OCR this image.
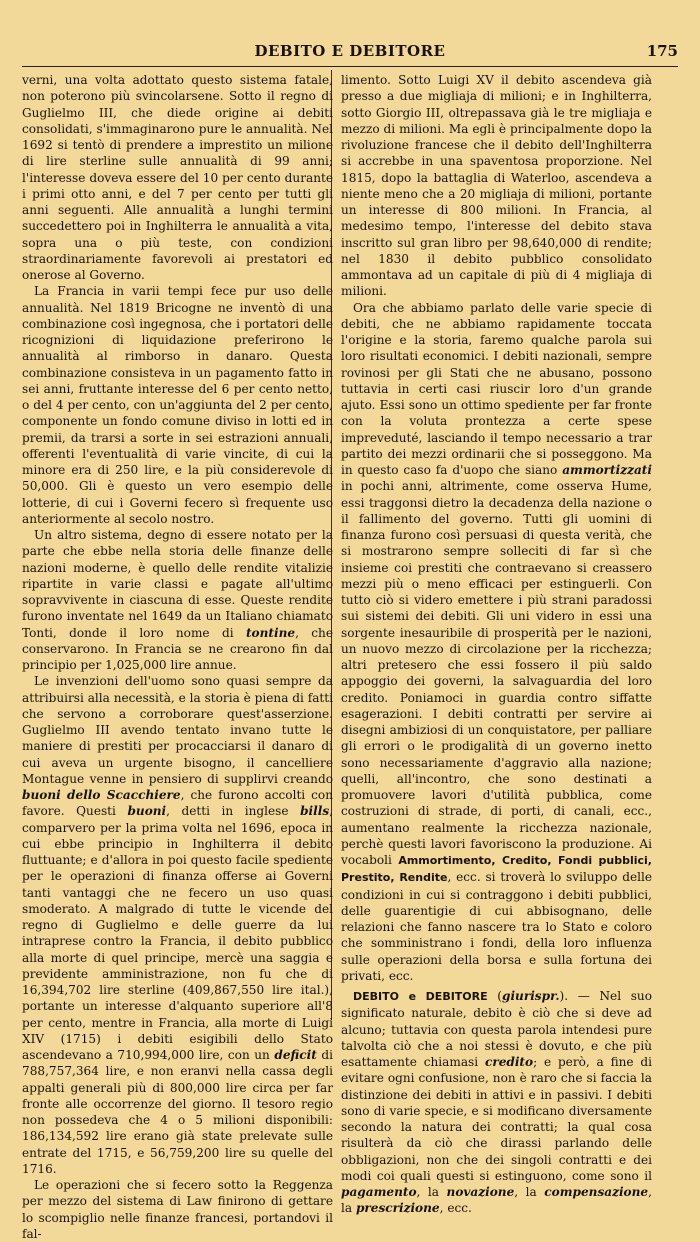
DEBITO E DEBITORE	175

verni, una volta adottato questo sistema fatale, non poterono più svincolarsene. Sotto il regno di Guglielmo III, che diede origine ai debiti consolidati, s'immaginarono pure le annualità. Nel 1692 si tentò di prendere a imprestito un milione di lire sterline sulle annualità di 99 anni; l'interesse doveva essere del 10 per cento durante i primi otto anni, e del 7 per cento per tutti gli anni seguenti. Alle annualità a lunghi termini succedettero poi in Inghilterra le annualità a vita, sopra una o più teste, con condizioni straordinariamente favorevoli ai prestatori ed onerose al Governo.

La Francia in varii tempi fece pur uso delle annualità. Nel 1819 Bricogne ne inventò di una combinazione così ingegnosa, che i portatori delle ricognizioni di liquidazione preferirono le annualità al rimborso in danaro. Questa combinazione consisteva in un pagamento fatto in sei anni, fruttante interesse del 6 per cento netto, o del 4 per cento, con un'aggiunta del 2 per cento, componente un fondo comune diviso in lotti ed in premii, da trarsi a sorte in sei estrazioni annuali, offerenti l'eventualità di varie vincite, di cui la minore era di 250 lire, e la più considerevole di 50,000. Gli è questo un vero esempio delle lotterie, di cui i Governi fecero sì frequente uso anteriormente al secolo nostro.

Un altro sistema, degno di essere notato per la parte che ebbe nella storia delle finanze delle nazioni moderne, è quello delle rendite vitalizie ripartite in varie classi e pagate all'ultimo sopravvivente in ciascuna di esse. Queste rendite furono inventate nel 1649 da un Italiano chiamato Tonti, donde il loro nome di tontine, che conservarono. In Francia se ne crearono fin dal principio per 1,025,000 lire annue.

Le invenzioni dell'uomo sono quasi sempre da attribuirsi alla necessità, e la storia è piena di fatti che servono a corroborare quest'asserzione. Guglielmo III avendo tentato invano tutte le maniere di prestiti per procacciarsi il danaro di cui aveva un urgente bisogno, il cancelliere Montague venne in pensiero di supplirvi creando buoni dello Scacchiere, che furono accolti con favore. Questi buoni, detti in inglese bills, comparvero per la prima volta nel 1696, epoca in cui ebbe principio in Inghilterra il debito fluttuante; e d'allora in poi questo facile spediente per le operazioni di finanza offerse ai Governi tanti vantaggi che ne fecero un uso quasi smoderato. A malgrado di tutte le vicende del regno di Guglielmo e delle guerre da lui intraprese contro la Francia, il debito pubblico alla morte di quel principe, mercè una saggia e previdente amministrazione, non fu che di 16,394,702 lire sterline (409,867,550 lire ital.), portante un interesse d'alquanto superiore all'8 per cento, mentre in Francia, alla morte di Luigi XIV (1715) i debiti esigibili dello Stato ascendevano a 710,994,000 lire, con un deficit di 788,757,364 lire, e non eranvi nella cassa degli appalti generali più di 800,000 lire circa per far fronte alle occorrenze del giorno. Il tesoro regio non possedeva che 4 o 5 milioni disponibili: 186,134,592 lire erano già state prelevate sulle entrate del 1715, e 56,759,200 lire su quelle del 1716.

Le operazioni che si fecero sotto la Reggenza per mezzo del sistema di Law finirono di gettare lo scompiglio nelle finanze francesi, portandovi il fal-

limento. Sotto Luigi XV il debito ascendeva già presso a due migliaja di milioni; e in Inghilterra, sotto Giorgio III, oltrepassava già le tre migliaja e mezzo di milioni. Ma egli è principalmente dopo la rivoluzione francese che il debito dell'Inghilterra si accrebbe in una spaventosa proporzione. Nel 1815, dopo la battaglia di Waterloo, ascendeva a niente meno che a 20 migliaja di milioni, portante un interesse di 800 milioni. In Francia, al medesimo tempo, l'interesse del debito stava inscritto sul gran libro per 98,640,000 di rendite; nel 1830 il debito pubblico consolidato ammontava ad un capitale di più di 4 migliaja di milioni.

Ora che abbiamo parlato delle varie specie di debiti, che ne abbiamo rapidamente toccata l'origine e la storia, faremo qualche parola sui loro risultati economici. I debiti nazionali, sempre rovinosi per gli Stati che ne abusano, possono tuttavia in certi casi riuscir loro d'un grande ajuto. Essi sono un ottimo spediente per far fronte con la voluta prontezza a certe spese impreveduté, lasciando il tempo necessario a trar partito dei mezzi ordinarii che si posseggono. Ma in questo caso fa d'uopo che siano ammortizzati in pochi anni, altrimente, come osserva Hume, essi traggonsi dietro la decadenza della nazione o il fallimento del governo. Tutti gli uomini di finanza furono così persuasi di questa verità, che si mostrarono sempre solleciti di far sì che insieme coi prestiti che contraevano si creassero mezzi più o meno efficaci per estinguerli. Con tutto ciò si videro emettere i più strani paradossi sui sistemi dei debiti. Gli uni videro in essi una sorgente inesauribile di prosperità per le nazioni, un nuovo mezzo di circolazione per la ricchezza; altri pretesero che essi fossero il più saldo appoggio dei governi, la salvaguardia del loro credito. Poniamoci in guardia contro siffatte esagerazioni. I debiti contratti per servire ai disegni ambiziosi di un conquistatore, per palliare gli errori o le prodigalità di un governo inetto sono necessariamente d'aggravio alla nazione; quelli, all'incontro, che sono destinati a promuovere lavori d'utilità pubblica, come costruzioni di strade, di porti, di canali, ecc., aumentano realmente la ricchezza nazionale, perchè questi lavori favoriscono la produzione. Ai vocaboli Ammortimento, Credito, Fondi pubblici, Prestito, Rendite, ecc. si troverà lo sviluppo delle condizioni in cui si contraggono i debiti pubblici, delle guarentigie di cui abbisognano, delle relazioni che fanno nascere tra lo Stato e coloro che somministrano i fondi, della loro influenza sulle operazioni della borsa e sulla fortuna dei privati, ecc.

DEBITO e DEBITORE (giurispr.). — Nel suo significato naturale, debito è ciò che si deve ad alcuno; tuttavia con questa parola intendesi pure talvolta ciò che a noi stessi è dovuto, e che più esattamente chiamasi credito; e però, a fine di evitare ogni confusione, non è raro che si faccia la distinzione dei debiti in attivi e in passivi. I debiti sono di varie specie, e si modificano diversamente secondo la natura dei contratti; la qual cosa risulterà da ciò che dirassi parlando delle obbligazioni, non che dei singoli contratti e dei modi coi quali questi si estinguono, come sono il pagamento, la novazione, la compensazione, la prescrizione, ecc.
